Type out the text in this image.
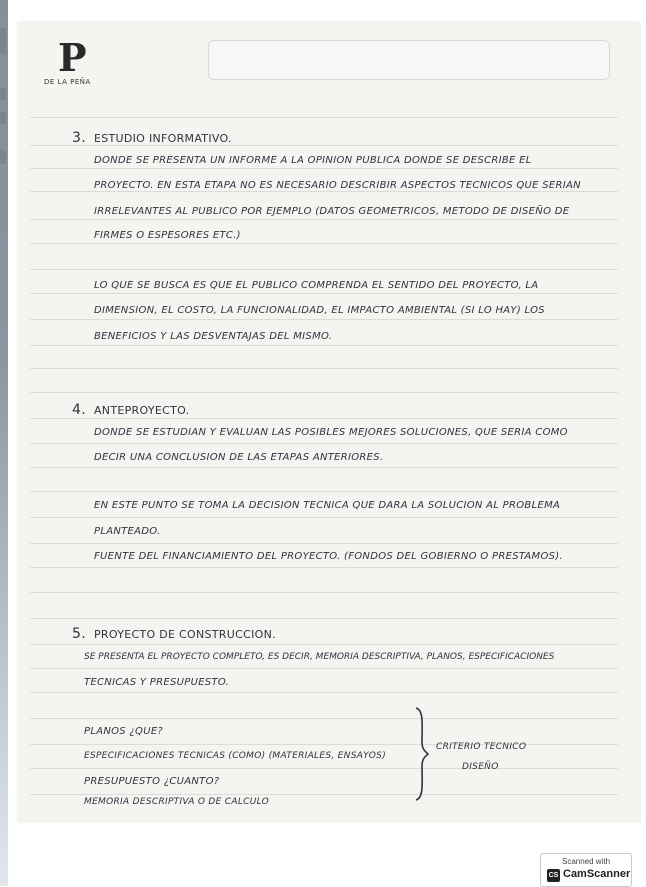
P
DE LA PEÑA
3. ESTUDIO INFORMATIVO.
DONDE SE PRESENTA UN INFORME A LA OPINION PUBLICA DONDE SE DESCRIBE EL
PROYECTO. EN ESTA ETAPA NO ES NECESARIO DESCRIBIR ASPECTOS TECNICOS QUE SERIAN
IRRELEVANTES AL PUBLICO POR EJEMPLO (DATOS GEOMETRICOS, METODO DE DISEÑO DE
FIRMES O ESPESORES ETC.)
LO QUE SE BUSCA ES QUE EL PUBLICO COMPRENDA EL SENTIDO DEL PROYECTO, LA
DIMENSION, EL COSTO, LA FUNCIONALIDAD, EL IMPACTO AMBIENTAL (SI LO HAY) LOS
BENEFICIOS Y LAS DESVENTAJAS DEL MISMO.
4. ANTEPROYECTO.
DONDE SE ESTUDIAN Y EVALUAN LAS POSIBLES MEJORES SOLUCIONES, QUE SERIA COMO
DECIR UNA CONCLUSION DE LAS ETAPAS ANTERIORES.
EN ESTE PUNTO SE TOMA LA DECISION TECNICA QUE DARA LA SOLUCION AL PROBLEMA
PLANTEADO.
FUENTE DEL FINANCIAMIENTO DEL PROYECTO. (FONDOS DEL GOBIERNO O PRESTAMOS).
5. PROYECTO DE CONSTRUCCION.
SE PRESENTA EL PROYECTO COMPLETO, ES DECIR, MEMORIA DESCRIPTIVA, PLANOS, ESPECIFICACIONES
TECNICAS Y PRESUPUESTO.
PLANOS ¿QUE?
ESPECIFICACIONES TECNICAS (COMO) (MATERIALES, ENSAYOS)
PRESUPUESTO ¿CUANTO?
MEMORIA DESCRIPTIVA O DE CALCULO
CRITERIO TECNICO
DISEÑO
Scanned with
CS CamScanner
